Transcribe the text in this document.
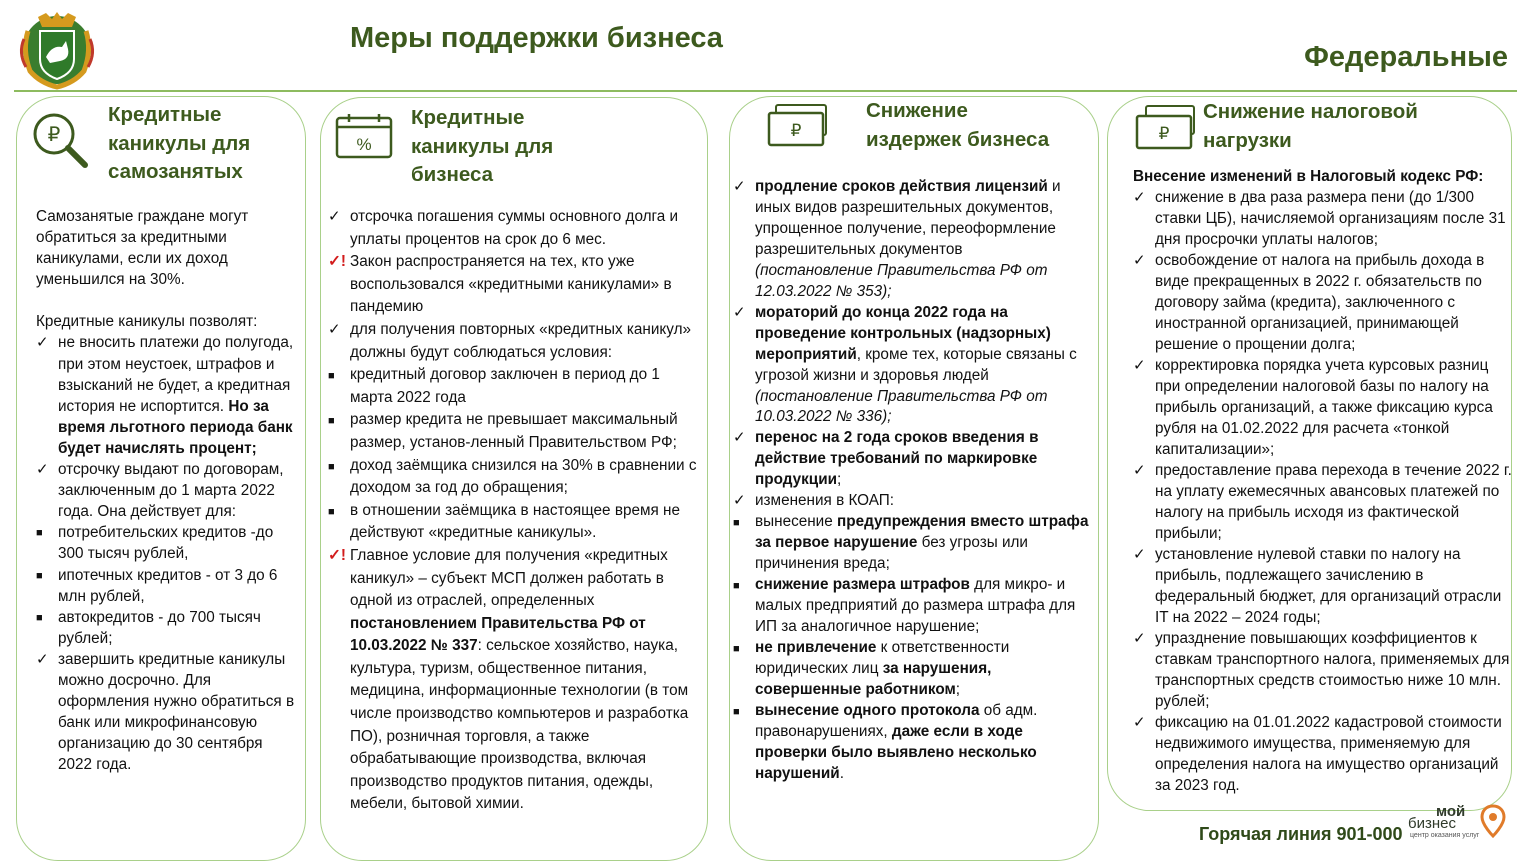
Меры поддержки бизнеса
Федеральные
₽
Кредитные
каникулы для
самозанятых
Самозанятые граждане могут
обратиться за кредитными
каникулами, если их доход
уменьшился на 30%.
Кредитные каникулы позволят:
✓ не вносить платежи до полугода, при этом неустоек, штрафов и взысканий не будет, а кредитная история не испортится. Но за время льготного периода банк будет начислять процент;
✓ отсрочку выдают по договорам, заключенным до 1 марта 2022 года. Она действует для:
■	потребительских кредитов -до 300 тысяч рублей,
■	ипотечных кредитов - от 3 до 6 млн рублей,
■	автокредитов - до 700 тысяч рублей;
✓ завершить кредитные каникулы можно досрочно. Для оформления нужно обратиться в банк или микрофинансовую организацию до 30 сентября 2022 года.
%
Кредитные
каникулы для
бизнеса
✓ отсрочка погашения суммы основного долга и уплаты процентов на срок до 6 мес.
✓! Закон распространяется на тех, кто уже воспользовался «кредитными каникулами» в пандемию
✓ для получения повторных «кредитных каникул» должны будут соблюдаться условия:
■	кредитный договор заключен в период до 1 марта 2022 года
■	размер кредита не превышает максимальный размер, установ-ленный Правительством РФ;
■	доход заёмщика снизился на 30% в сравнении с доходом за год до обращения;
■	в отношении заёмщика в настоящее время не действуют «кредитные каникулы».
✓! Главное условие для получения «кредитных каникул» – субъект МСП должен работать в одной из отраслей, определенных постановлением Правительства РФ от 10.03.2022 № 337: сельское хозяйство, наука, культура, туризм, общественное питания, медицина, информационные технологии (в том числе производство компьютеров и разработка ПО), розничная торговля, а также обрабатывающие производства, включая производство продуктов питания, одежды, мебели, бытовой химии.
₽
Снижение
издержек бизнеса
✓ продление сроков действия лицензий и иных видов разрешительных документов, упрощенное получение, переоформление разрешительных документов
(постановление Правительства РФ от 12.03.2022 № 353);
✓ мораторий до конца 2022 года на проведение контрольных (надзорных) мероприятий, кроме тех, которые связаны с угрозой жизни и здоровья людей
(постановление Правительства РФ от 10.03.2022 № 336);
✓ перенос на 2 года сроков введения в действие требований по маркировке продукции;
✓ изменения в КОАП:
■	вынесение предупреждения вместо штрафа за первое нарушение без угрозы или причинения вреда;
■	снижение размера штрафов для микро- и малых предприятий до размера штрафа для ИП за аналогичное нарушение;
■	не привлечение к ответственности юридических лиц за нарушения, совершенные работником;
■	вынесение одного протокола об адм. правонарушениях, даже если в ходе проверки было выявлено несколько нарушений.
₽
Снижение налоговой
нагрузки
Внесение изменений в Налоговый кодекс РФ:
✓ снижение в два раза размера пени (до 1/300 ставки ЦБ), начисляемой организациям после 31 дня просрочки уплаты налогов;
✓ освобождение от налога на прибыль дохода в виде прекращенных в 2022 г. обязательств по договору займа (кредита), заключенного с иностранной организацией, принимающей решение о прощении долга;
✓ корректировка порядка учета курсовых разниц при определении налоговой базы по налогу на прибыль организаций, а также фиксацию курса рубля на 01.02.2022 для расчета «тонкой капитализации»;
✓ предоставление права перехода в течение 2022 г. на уплату ежемесячных авансовых платежей по налогу на прибыль исходя из фактической прибыли;
✓ установление нулевой ставки по налогу на прибыль, подлежащего зачислению в федеральный бюджет, для организаций отрасли IT на 2022 – 2024 годы;
✓ упразднение повышающих коэффициентов к ставкам транспортного налога, применяемых для транспортных средств стоимостью ниже 10 млн. рублей;
✓ фиксацию на 01.01.2022 кадастровой стоимости недвижимого имущества, применяемую для определения налога на имущество организаций за 2023 год.
Горячая линия 901-000
мой
бизнес
центр оказания услуг
